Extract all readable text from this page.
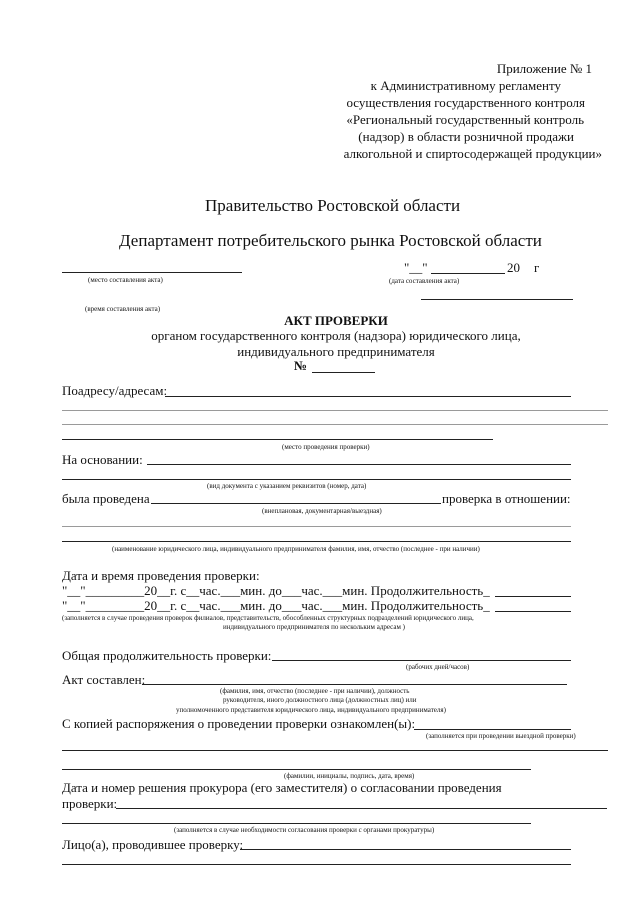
Приложение № 1
к Административному регламенту
осуществления государственного контроля
«Региональный государственный контроль
(надзор) в области розничной продажи
алкогольной и спиртосодержащей продукции»
Правительство Ростовской области
Департамент потребительского рынка Ростовской области
(место составления акта)
"__"	20 г
(дата составления акта)
(время составления акта)
АКТ ПРОВЕРКИ
органом государственного контроля (надзора) юридического лица,
индивидуального предпринимателя
№
Поадресу/адресам:
(место проведения проверки)
На основании:
(вид документа с указанием реквизитов (номер, дата)
была проведена	проверка в отношении:
(внеплановая, документарная/выездная)
(наименование юридического лица, индивидуального предпринимателя фамилия, имя, отчество (последнее - при наличии)
Дата и время проведения проверки:
"__"_________20__г. с__час.___мин. до___час.___мин. Продолжительность_
"__"_________20__г. с__час.___мин. до___час.___мин. Продолжительность_
(заполняется в случае проведения проверок филиалов, представительств, обособленных структурных подразделений юридического лица,
индивидуального предпринимателя по нескольким адресам )
Общая продолжительность проверки:
(рабочих дней/часов)
Акт составлен:
(фамилия, имя, отчество (последнее - при наличии), должность
руководителя, иного должностного лица (должностных лиц) или
уполномоченного представителя юридического лица, индивидуального предпринимателя)
С копией распоряжения о проведении проверки ознакомлен(ы):
(заполняется при проведении выездной проверки)
(фамилии, инициалы, подпись, дата, время)
Дата и номер решения прокурора (его заместителя) о согласовании проведения
проверки:
(заполняется в случае необходимости согласования проверки с органами прокуратуры)
Лицо(а), проводившее проверку:
